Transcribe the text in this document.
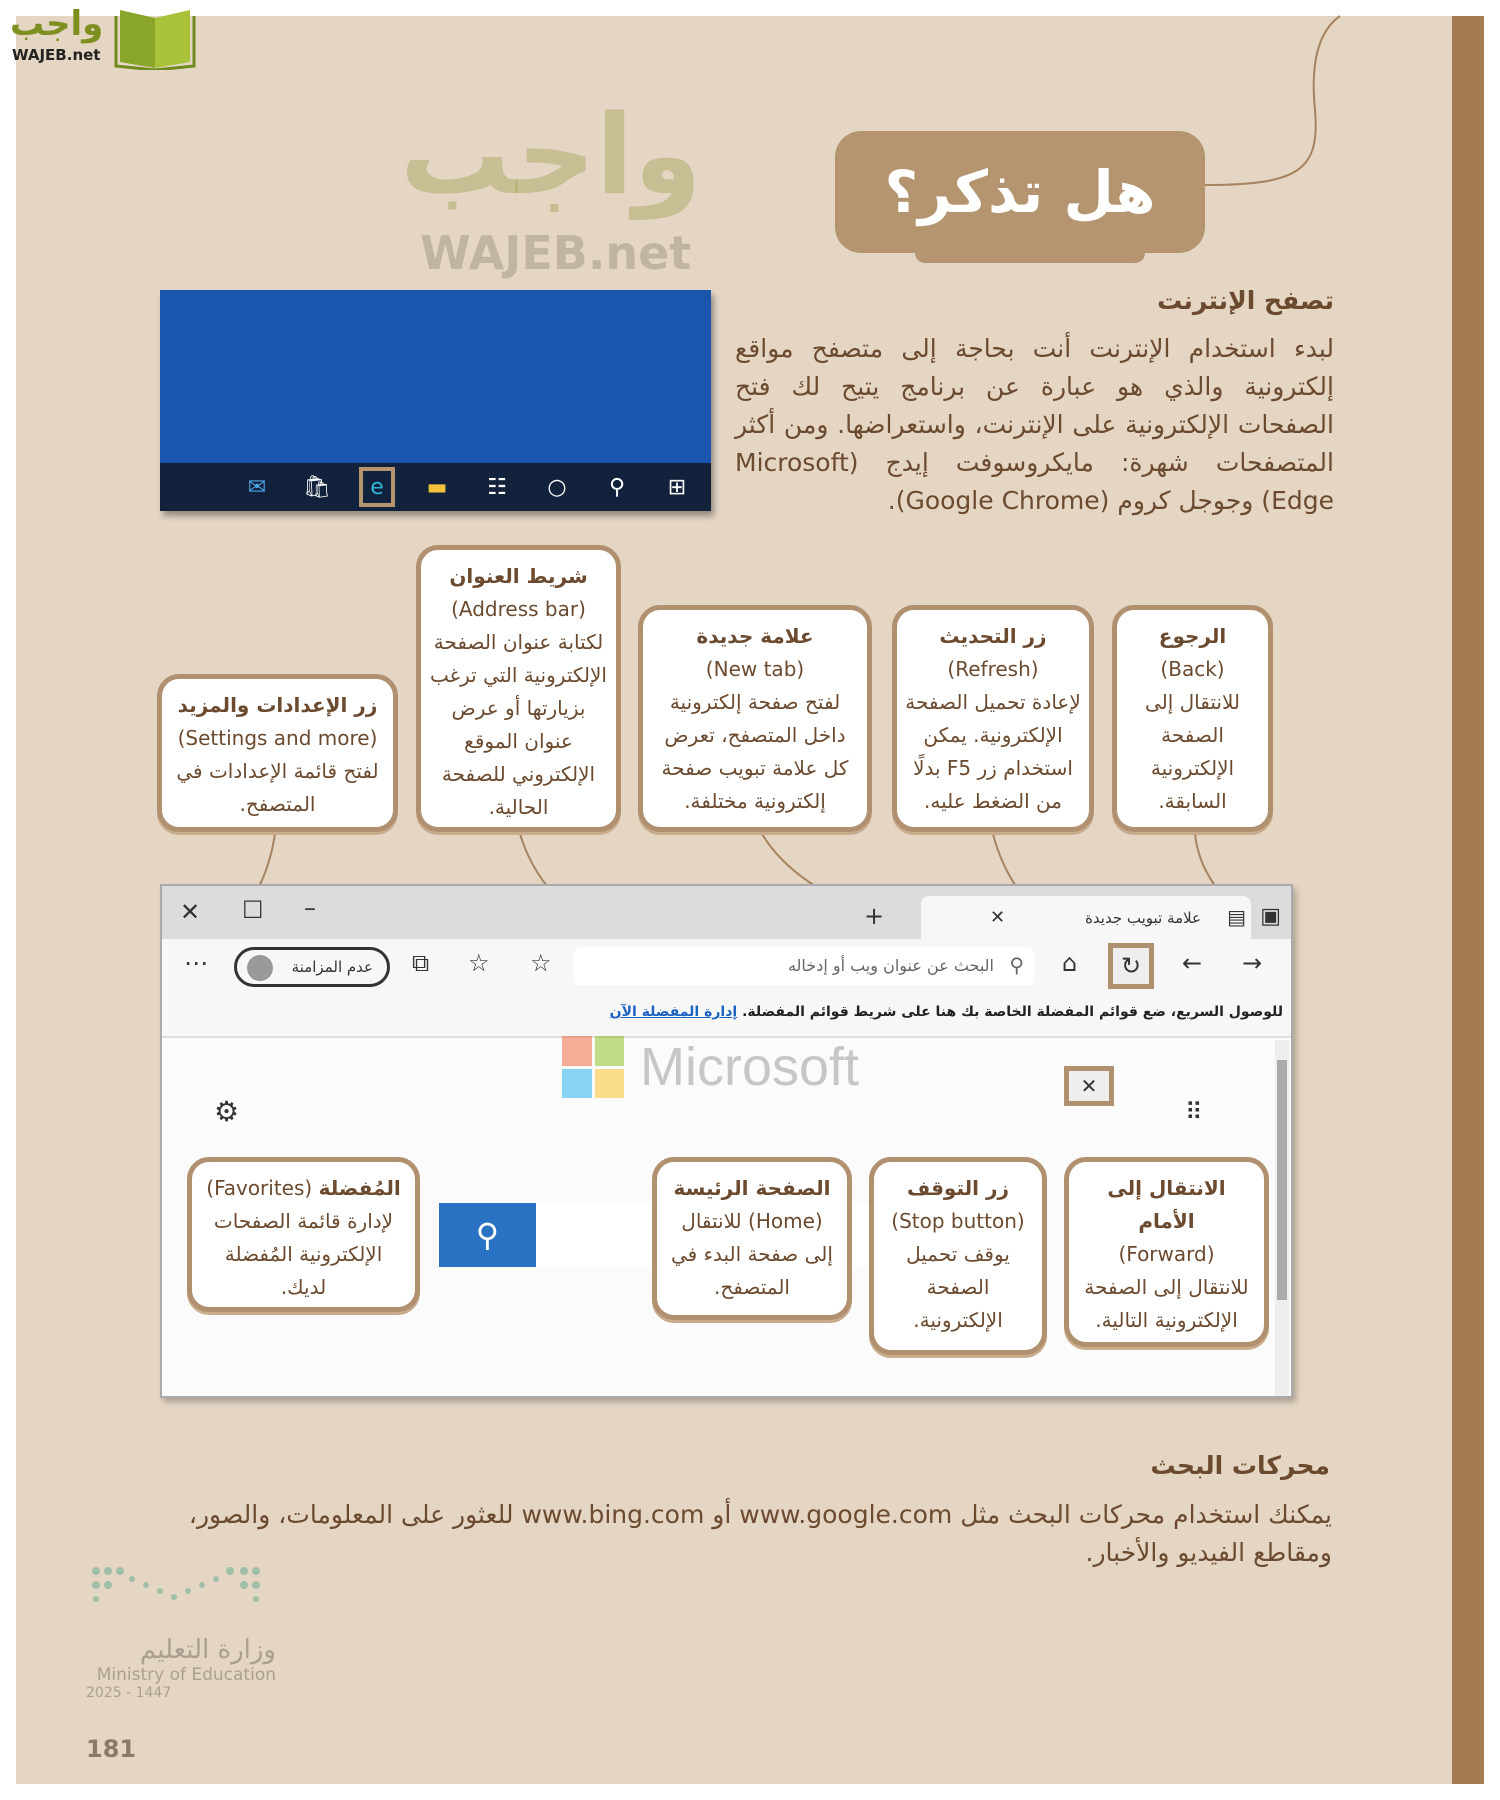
واجب
WAJEB.net
واجب
WAJEB.net
هل تذكر؟
تصفح الإنترنت
لبدء استخدام الإنترنت أنت بحاجة إلى متصفح مواقع إلكترونية والذي هو عبارة عن برنامج يتيح لك فتح الصفحات الإلكترونية على الإنترنت، واستعراضها. ومن أكثر المتصفحات شهرة: مايكروسوفت إيدج (Microsoft Edge) وجوجل كروم (Google Chrome).
✉	🛍	e	▬	☷	○	⚲	⊞
زر الإعدادات والمزيد
(Settings and more)
لفتح قائمة الإعدادات في المتصفح.
شريط العنوان
(Address bar)
لكتابة عنوان الصفحة الإلكترونية التي ترغب بزيارتها أو عرض عنوان الموقع الإلكتروني للصفحة الحالية.
علامة جديدة
(New tab)
لفتح صفحة إلكترونية داخل المتصفح، تعرض كل علامة تبويب صفحة إلكترونية مختلفة.
زر التحديث
(Refresh)
لإعادة تحميل الصفحة الإلكترونية. يمكن استخدام زر F5 بدلًا من الضغط عليه.
الرجوع
(Back)
للانتقال إلى الصفحة الإلكترونية السابقة.
✕ ☐ –	+	علامة تبويب جديدة
✕	▤ ▣
⋯	عدم المزامنة	⧉ ☆ ☆	البحث عن عنوان ويب أو إدخاله ⚲ ⌂	↻	← →
للوصول السريع، ضع قوائم المفضلة الخاصة بك هنا على شريط قوائم المفضلة. إدارة المفضلة الآن
Microsoft	✕
⚙	⠿
⚲
المُفضلة (Favorites)
لإدارة قائمة الصفحات الإلكترونية المُفضلة لديك.
الصفحة الرئيسة
(Home) للانتقال إلى صفحة البدء في المتصفح.
زر التوقف
(Stop button)
يوقف تحميل الصفحة الإلكترونية.
الانتقال إلى الأمام
(Forward)
للانتقال إلى الصفحة الإلكترونية التالية.
محركات البحث
يمكنك استخدام محركات البحث مثل www.google.com أو www.bing.com للعثور على المعلومات، والصور، ومقاطع الفيديو والأخبار.
وزارة التعليم
Ministry of Education
2025 - 1447
181
